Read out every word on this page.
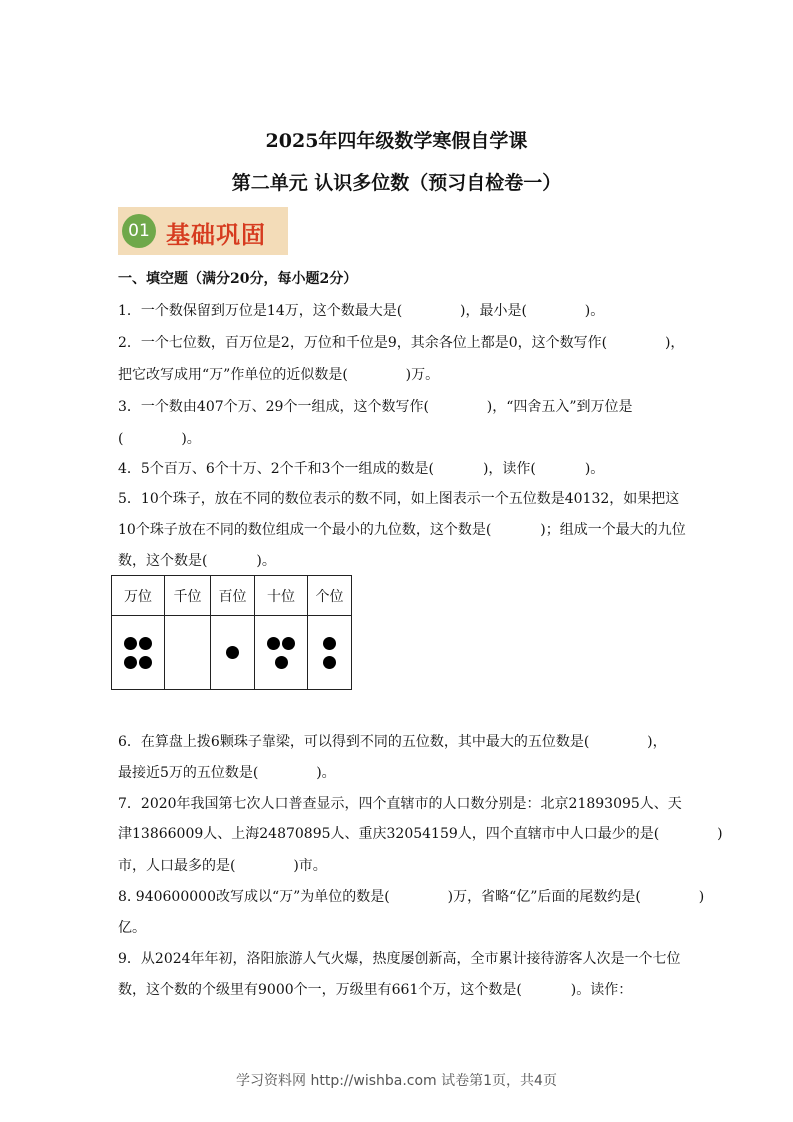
2025年四年级数学寒假自学课
第二单元 认识多位数（预习自检卷一）
01 基础巩固
一、填空题（满分20分，每小题2分）
1．一个数保留到万位是14万，这个数最大是(             )，最小是(             )。
2．一个七位数，百万位是2，万位和千位是9，其余各位上都是0，这个数写作(             )，
把它改写成用“万”作单位的近似数是(             )万。
3．一个数由407个万、29个一组成，这个数写作(             )，“四舍五入”到万位是
(             )。
4．5个百万、6个十万、2个千和3个一组成的数是(           )，读作(           )。
5．10个珠子，放在不同的数位表示的数不同，如上图表示一个五位数是40132，如果把这
10个珠子放在不同的数位组成一个最小的九位数，这个数是(           )；组成一个最大的九位
数，这个数是(           )。
万位	千位	百位	十位	个位

6．在算盘上拨6颗珠子靠梁，可以得到不同的五位数，其中最大的五位数是(             )，
最接近5万的五位数是(             )。
7．2020年我国第七次人口普查显示，四个直辖市的人口数分别是：北京21893095人、天
津13866009人、上海24870895人、重庆32054159人，四个直辖市中人口最少的是(             )
市，人口最多的是(             )市。
8. 940600000改写成以“万”为单位的数是(             )万，省略“亿”后面的尾数约是(             )
亿。
9．从2024年年初，洛阳旅游人气火爆，热度屡创新高，全市累计接待游客人次是一个七位
数，这个数的个级里有9000个一，万级里有661个万，这个数是(           )。读作：
学习资料网 http://wishba.com 试卷第1页，共4页
